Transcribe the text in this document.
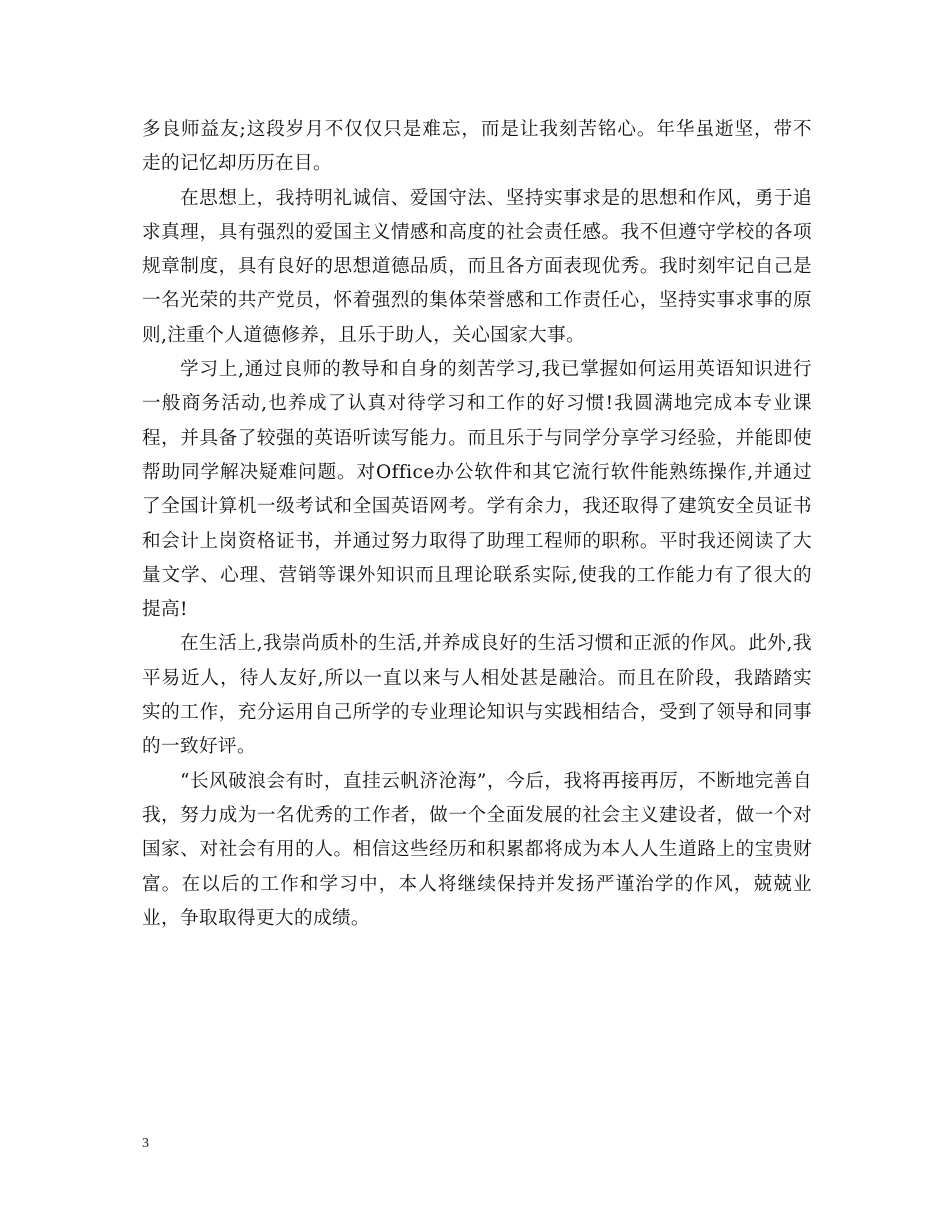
多良师益友;这段岁月不仅仅只是难忘，而是让我刻苦铭心。年华虽逝坚，带不走的记忆却历历在目。

在思想上，我持明礼诚信、爱国守法、坚持实事求是的思想和作风，勇于追求真理，具有强烈的爱国主义情感和高度的社会责任感。我不但遵守学校的各项规章制度，具有良好的思想道德品质，而且各方面表现优秀。我时刻牢记自己是一名光荣的共产党员，怀着强烈的集体荣誉感和工作责任心，坚持实事求事的原则,注重个人道德修养，且乐于助人，关心国家大事。

学习上,通过良师的教导和自身的刻苦学习,我已掌握如何运用英语知识进行一般商务活动,也养成了认真对待学习和工作的好习惯!我圆满地完成本专业课程，并具备了较强的英语听读写能力。而且乐于与同学分享学习经验，并能即使帮助同学解决疑难问题。对Office办公软件和其它流行软件能熟练操作,并通过了全国计算机一级考试和全国英语网考。学有余力，我还取得了建筑安全员证书和会计上岗资格证书，并通过努力取得了助理工程师的职称。平时我还阅读了大量文学、心理、营销等课外知识而且理论联系实际,使我的工作能力有了很大的提高!

在生活上,我崇尚质朴的生活,并养成良好的生活习惯和正派的作风。此外,我平易近人，待人友好,所以一直以来与人相处甚是融洽。而且在阶段，我踏踏实实的工作，充分运用自己所学的专业理论知识与实践相结合，受到了领导和同事的一致好评。

“长风破浪会有时，直挂云帆济沧海”，今后，我将再接再厉，不断地完善自我，努力成为一名优秀的工作者，做一个全面发展的社会主义建设者，做一个对国家、对社会有用的人。相信这些经历和积累都将成为本人人生道路上的宝贵财富。在以后的工作和学习中，本人将继续保持并发扬严谨治学的作风，兢兢业业，争取取得更大的成绩。

3
